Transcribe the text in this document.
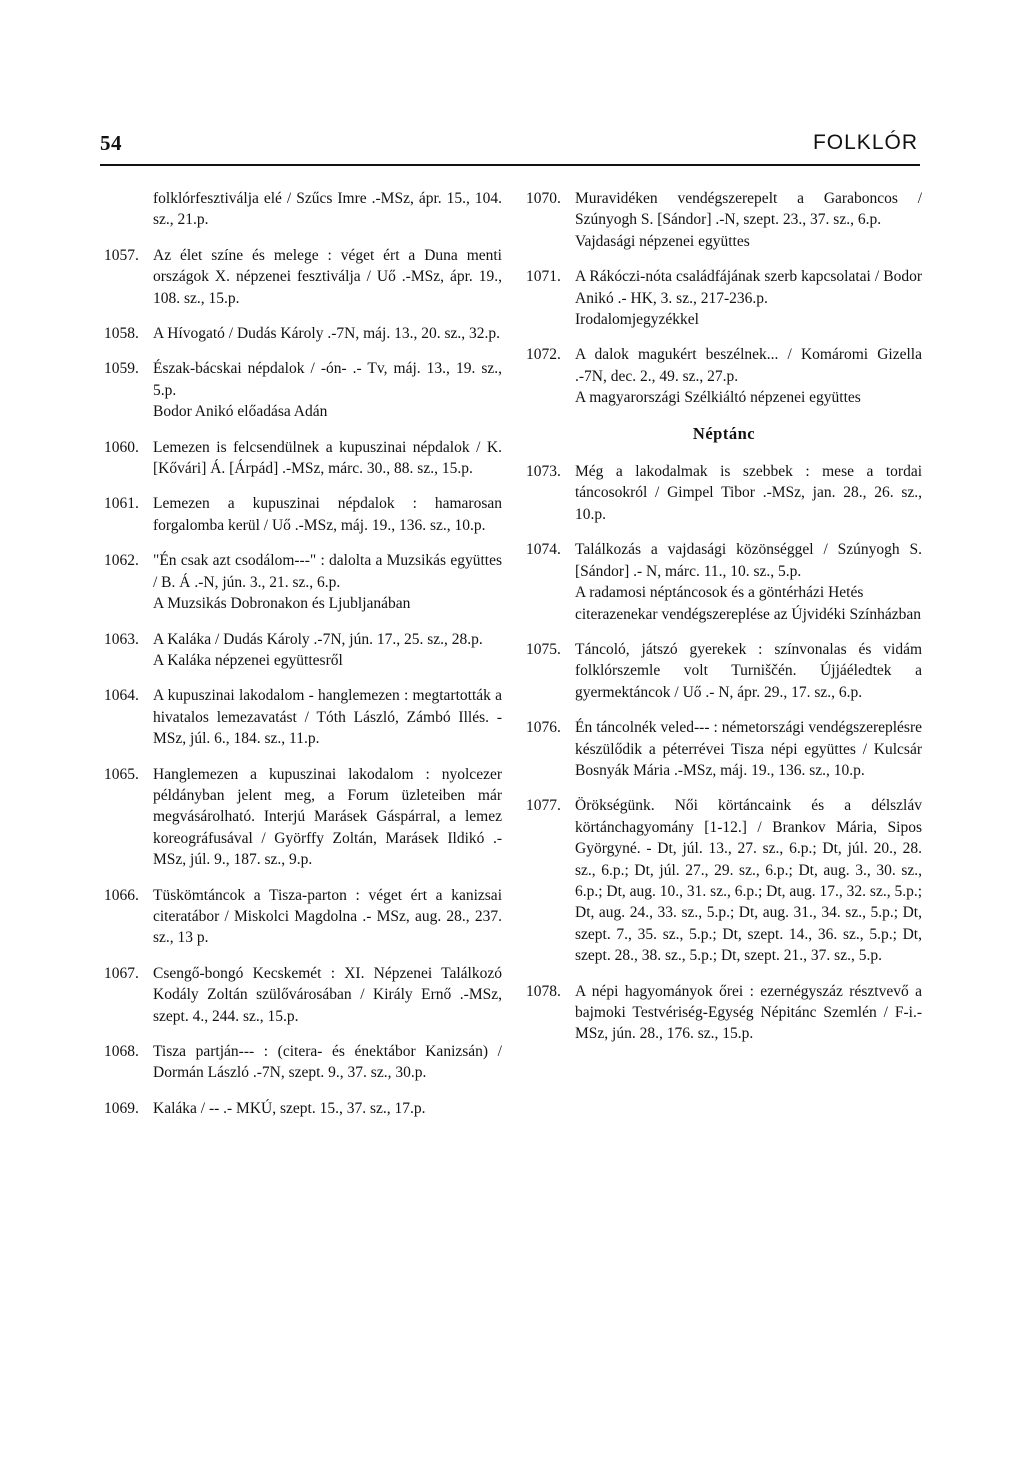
54	FOLKLÓR
folklórfesztiválja elé / Szűcs Imre .-MSz, ápr. 15., 104. sz., 21.p.
1057. Az élet színe és melege : véget ért a Duna menti országok X. népzenei fesztiválja / Uő .-MSz, ápr. 19., 108. sz., 15.p.
1058. A Hívogató / Dudás Károly .-7N, máj. 13., 20. sz., 32.p.
1059. Észak-bácskai népdalok / -ón- .- Tv, máj. 13., 19. sz., 5.p.
Bodor Anikó előadása Adán
1060. Lemezen is felcsendülnek a kupuszinai népdalok / K. [Kővári] Á. [Árpád] .-MSz, márc. 30., 88. sz., 15.p.
1061. Lemezen a kupuszinai népdalok : hamarosan forgalomba kerül / Uő .-MSz, máj. 19., 136. sz., 10.p.
1062. "Én csak azt csodálom---" : dalolta a Muzsikás együttes / B. Á .-N, jún. 3., 21. sz., 6.p.
A Muzsikás Dobronakon és Ljubljanában
1063. A Kaláka / Dudás Károly .-7N, jún. 17., 25. sz., 28.p.
A Kaláka népzenei együttesről
1064. A kupuszinai lakodalom - hanglemezen : megtartották a hivatalos lemezavatást / Tóth László, Zámbó Illés. - MSz, júl. 6., 184. sz., 11.p.
1065. Hanglemezen a kupuszinai lakodalom : nyolcezer példányban jelent meg, a Forum üzleteiben már megvásárolható. Interjú Marásek Gáspárral, a lemez koreográfusával / Györffy Zoltán, Marásek Ildikó .-MSz, júl. 9., 187. sz., 9.p.
1066. Tüskömtáncok a Tisza-parton : véget ért a kanizsai citeratábor / Miskolci Magdolna .- MSz, aug. 28., 237. sz., 13 p.
1067. Csengő-bongó Kecskemét : XI. Népzenei Találkozó Kodály Zoltán szülővárosában / Király Ernő .-MSz, szept. 4., 244. sz., 15.p.
1068. Tisza partján--- : (citera- és énektábor Kanizsán) / Dormán László .-7N, szept. 9., 37. sz., 30.p.
1069. Kaláka / -- .- MKÚ, szept. 15., 37. sz., 17.p.
1070. Muravidéken vendégszerepelt a Garaboncos / Szúnyogh S. [Sándor] .-N, szept. 23., 37. sz., 6.p.
Vajdasági népzenei együttes
1071. A Rákóczi-nóta családfájának szerb kapcsolatai / Bodor Anikó .- HK, 3. sz., 217-236.p.
Irodalomjegyzékkel
1072. A dalok magukért beszélnek... / Komáromi Gizella .-7N, dec. 2., 49. sz., 27.p.
A magyarországi Szélkiáltó népzenei együttes
Néptánc
1073. Még a lakodalmak is szebbek : mese a tordai táncosokról / Gimpel Tibor .-MSz, jan. 28., 26. sz., 10.p.
1074. Találkozás a vajdasági közönséggel / Szúnyogh S. [Sándor] .- N, márc. 11., 10. sz., 5.p.
A radamosi néptáncosok és a göntérházi Hetés citerazenekar vendégszereplése az Újvidéki Színházban
1075. Táncoló, játszó gyerekek : színvonalas és vidám folklórszemle volt Turniščén. Újjáéledtek a gyermektáncok / Uő .- N, ápr. 29., 17. sz., 6.p.
1076. Én táncolnék veled--- : németországi vendégszereplésre készülődik a péterrévei Tisza népi együttes / Kulcsár Bosnyák Mária .-MSz, máj. 19., 136. sz., 10.p.
1077. Örökségünk. Női körtáncaink és a délszláv körtánchagyomány [1-12.] / Brankov Mária, Sipos Györgyné. - Dt, júl. 13., 27. sz., 6.p.; Dt, júl. 20., 28. sz., 6.p.; Dt, júl. 27., 29. sz., 6.p.; Dt, aug. 3., 30. sz., 6.p.; Dt, aug. 10., 31. sz., 6.p.; Dt, aug. 17., 32. sz., 5.p.; Dt, aug. 24., 33. sz., 5.p.; Dt, aug. 31., 34. sz., 5.p.; Dt, szept. 7., 35. sz., 5.p.; Dt, szept. 14., 36. sz., 5.p.; Dt, szept. 28., 38. sz., 5.p.; Dt, szept. 21., 37. sz., 5.p.
1078. A népi hagyományok őrei : ezernégyszáz résztvevő a bajmoki Testvériség-Egység Népitánc Szemlén / F-i.-MSz, jún. 28., 176. sz., 15.p.
